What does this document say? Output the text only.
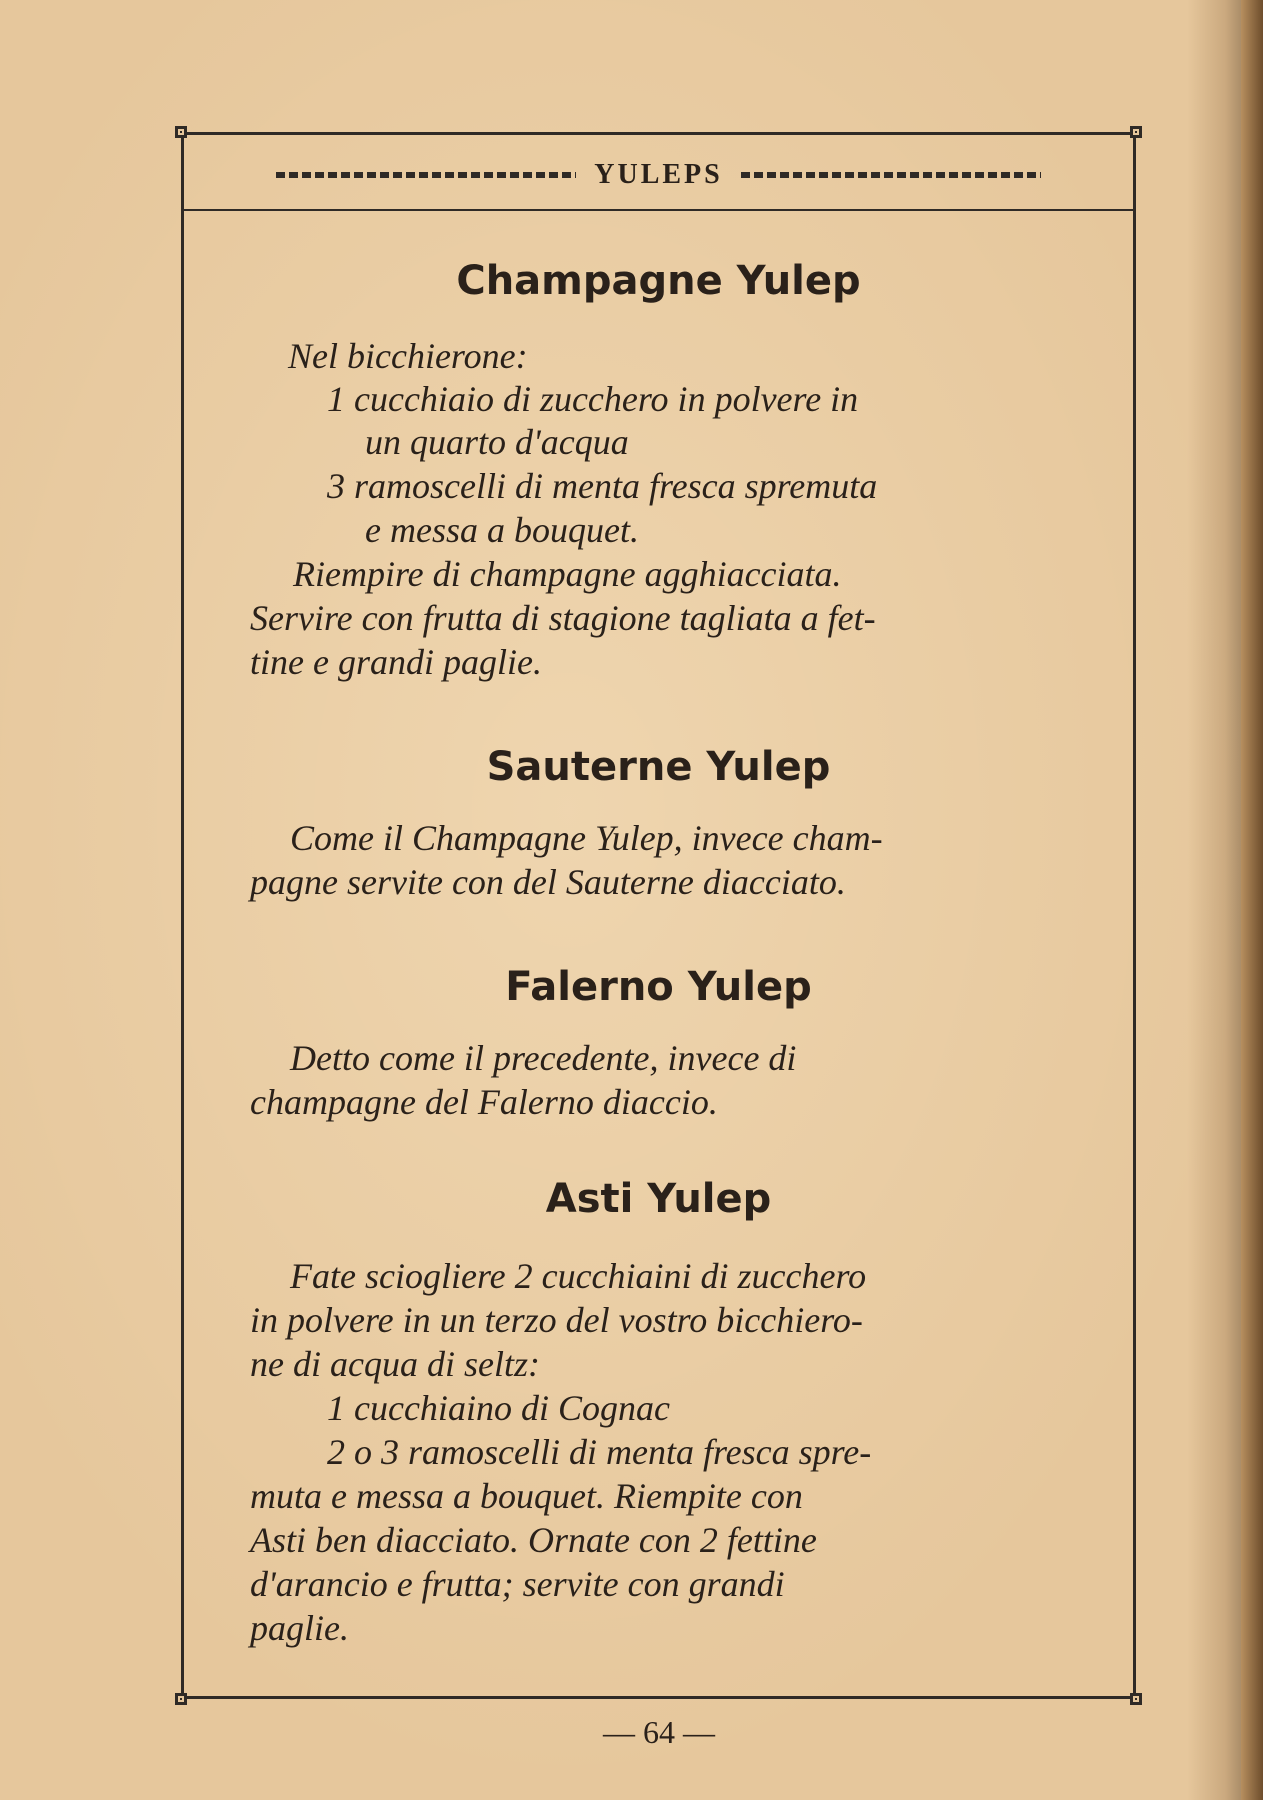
YULEPS
Champagne Yulep
Nel bicchierone:
1 cucchiaio di zucchero in polvere in
un quarto d'acqua
3 ramoscelli di menta fresca spremuta
e messa a bouquet.
Riempire di champagne agghiacciata.
Servire con frutta di stagione tagliata a fet-
tine e grandi paglie.
Sauterne Yulep
Come il Champagne Yulep, invece cham-
pagne servite con del Sauterne diacciato.
Falerno Yulep
Detto come il precedente, invece di
champagne del Falerno diaccio.
Asti Yulep
Fate sciogliere 2 cucchiaini di zucchero
in polvere in un terzo del vostro bicchiero-
ne di acqua di seltz:
1 cucchiaino di Cognac
2 o 3 ramoscelli di menta fresca spre-
muta e messa a bouquet. Riempite con
Asti ben diacciato. Ornate con 2 fettine
d'arancio e frutta; servite con grandi
paglie.
— 64 —
